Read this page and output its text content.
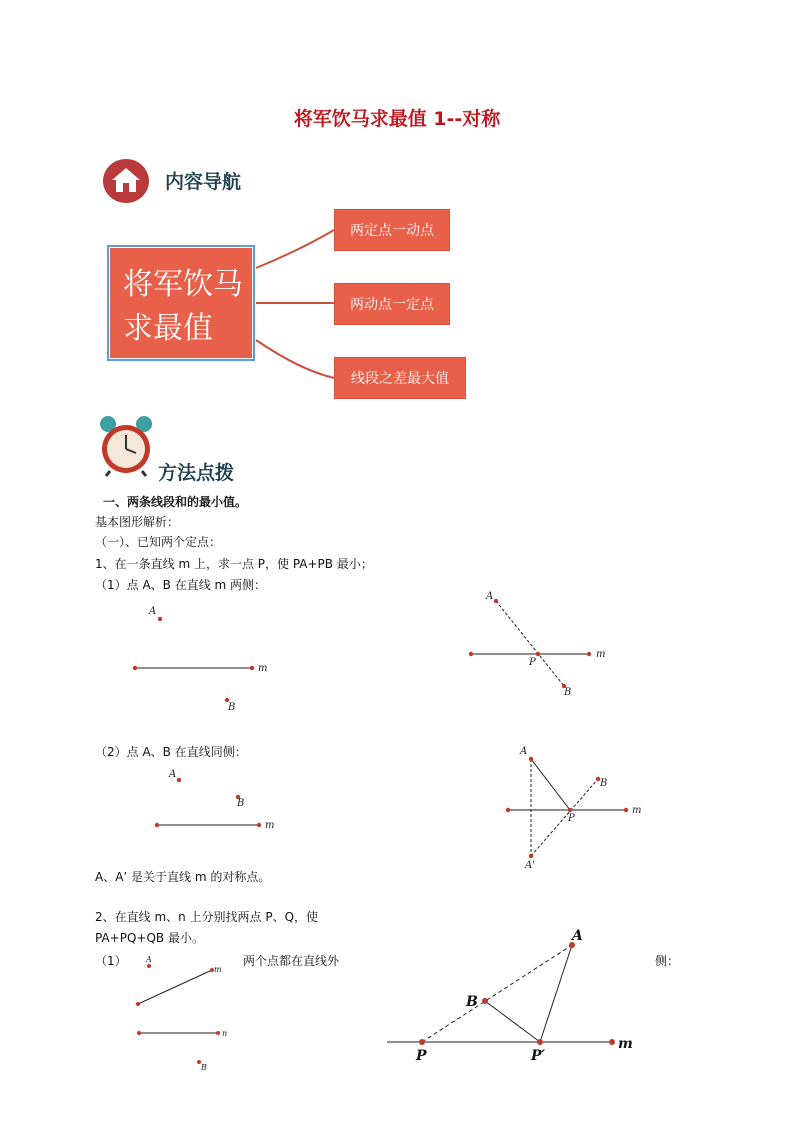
将军饮马求最值 1--对称
内容导航
将军饮马
求最值
两定点一动点
两动点一定点
线段之差最大值
方法点拨
一、两条线段和的最小值。
基本图形解析：
（一）、已知两个定点：
1、在一条直线 m 上，求一点 P，使 PA+PB 最小；
（1）点 A、B 在直线 m 两侧：
（2）点 A、B 在直线同侧：
A、A’ 是关于直线 m 的对称点。
2、在直线 m、n 上分别找两点 P、Q，使
PA+PQ+QB 最小。
（1）	两个点都在直线外	侧：
m
A
B
A
P
B
m
m
A
B
A
B
P
m
A'
A
m
n
B
A
B
P	P′
m
